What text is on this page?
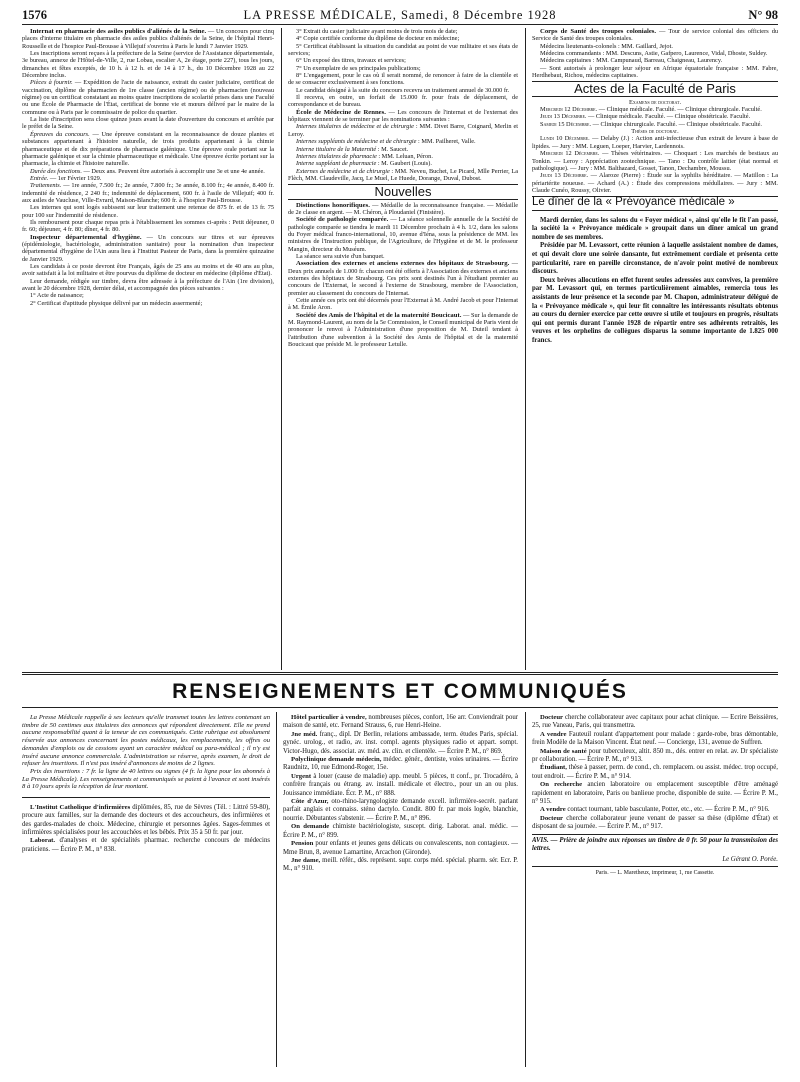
1576	LA PRESSE MÉDICALE, Samedi, 8 Décembre 1928	N° 98

Internat en pharmacie des asiles publics d'aliénés de la Seine. — Un concours pour cinq places d'interne titulaire en pharmacie des asiles publics d'aliénés de la Seine, de l'hôpital Henri-Rousselle et de l'hospice Paul-Brousse à Villejuif s'ouvrira à Paris le lundi 7 Janvier 1929.

Les inscriptions seront reçues à la préfecture de la Seine (service de l'Assistance départementale, 3e bureau, annexe de l'Hôtel-de-Ville, 2, rue Lobau, escalier A, 2e étage, porte 227), tous les jours, dimanches et fêtes exceptés, de 10 h. à 12 h. et de 14 à 17 h., du 10 Décembre 1928 au 22 Décembre inclus.

Pièces à fournir. — Expédition de l'acte de naissance, extrait du casier judiciaire, certificat de vaccination, diplôme de pharmacien de 1re classe (ancien régime) ou de pharmacien (nouveau régime) ou un certificat constatant au moins quatre inscriptions de scolarité prises dans une Faculté ou une École de Pharmacie de l'État, certificat de bonne vie et mœurs délivré par le maire de la commune ou à Paris par le commissaire de police du quartier.

La liste d'inscription sera close quinze jours avant la date d'ouverture du concours et arrêtée par le préfet de la Seine.

Épreuves du concours. — Une épreuve consistant en la reconnaissance de douze plantes et substances appartenant à l'histoire naturelle, de trois produits appartenant à la chimie pharmaceutique et de dix préparations de pharmacie galénique. Une épreuve orale portant sur la pharmacie galénique et sur la chimie pharmaceutique et médicale. Une épreuve écrite portant sur la pharmacie, la chimie et l'histoire naturelle.

Durée des fonctions. — Deux ans. Peuvent être autorisés à accomplir une 3e et une 4e année.

Entrée. — 1er Février 1929.

Traitements. — 1re année, 7.500 fr.; 2e année, 7.800 fr.; 3e année, 8.100 fr.; 4e année, 8.400 fr. indemnité de résidence, 2 240 fr.; indemnité de déplacement, 600 fr. à l'asile de Villejuif; 400 fr. aux asiles de Vaucluse, Ville-Evrard, Maison-Blanche; 600 fr. à l'hospice Paul-Brousse.

Les internes qui sont logés subissent sur leur traitement une retenue de 875 fr. et de 13 fr. 75 pour 100 sur l'indemnité de résidence.

Ils remboursent pour chaque repas pris à l'établissement les sommes ci-après : Petit déjeuner, 0 fr. 60; déjeuner, 4 fr. 80; dîner, 4 fr. 80.

Inspecteur départemental d'hygiène. — Un concours sur titres et sur épreuves (épidémiologie, bactériologie, administration sanitaire) pour la nomination d'un inspecteur départemental d'hygiène de l'Ain aura lieu à l'Institut Pasteur de Paris, dans la première quinzaine de Janvier 1929.

Les candidats à ce poste devront être Français, âgés de 25 ans au moins et de 40 ans au plus, avoir satisfait à la loi militaire et être pourvus du diplôme de docteur en médecine (diplôme d'État).

Leur demande, rédigée sur timbre, devra être adressée à la préfecture de l'Ain (1re division), avant le 20 décembre 1928, dernier délai, et accompagnée des pièces suivantes :

1° Acte de naissance;

2° Certificat d'aptitude physique délivré par un médecin assermenté;

3° Extrait du casier judiciaire ayant moins de trois mois de date;

4° Copie certifiée conforme du diplôme de docteur en médecine;

5° Certificat établissant la situation du candidat au point de vue militaire et ses états de services;

6° Un exposé des titres, travaux et services;

7° Un exemplaire de ses principales publications;

8° L'engagement, pour le cas où il serait nommé, de renoncer à faire de la clientèle et de se consacrer exclusivement à ses fonctions.

Le candidat désigné à la suite du concours recevra un traitement annuel de 30.000 fr.

Il recevra, en outre, un forfait de 15.000 fr. pour frais de déplacement, de correspondance et de bureau.

École de Médecine de Rennes. — Les concours de l'internat et de l'externat des hôpitaux viennent de se terminer par les nominations suivantes :

Internes titulaires de médecine et de chirurgie : MM. Divet Barre, Coignard, Merlin et Leroy.

Internes suppléants de médecine et de chirurgie : MM. Pailheret, Valle.

Interne titulaire de la Maternité : M. Saucet.

Internes titulaires de pharmacie : MM. Leluan, Péron.

Interne suppléant de pharmacie : M. Gaubert (Louis).

Externes de médecine et de chirurgie : MM. Neveu, Buchet, Le Picard, Mlle Perrier, La Flèch, MM. Claudeville, Jacq, Le Muel, Le Huede, Dorange, Duval, Dubost.

Nouvelles

Distinctions honorifiques. — Médaille de la reconnaissance française. — Médaille de 2e classe en argent. — M. Chéron, à Ploudaniel (Finistère).

Société de pathologie comparée. — La séance solennelle annuelle de la Société de pathologie comparée se tiendra le mardi 11 Décembre prochain à 4 h. 1/2, dans les salons du Foyer médical franco-international, 10, avenue d'Iéna, sous la présidence de MM. les ministres de l'Instruction publique, de l'Agriculture, de l'Hygiène et de M. le professeur Mangin, directeur du Muséum.

La séance sera suivie d'un banquet.

Association des externes et anciens externes des hôpitaux de Strasbourg. — Deux prix annuels de 1.000 fr. chacun ont été offerts à l'Association des externes et anciens externes des hôpitaux de Strasbourg. Ces prix sont destinés l'un à l'étudiant premier au concours de l'Externat, le second à l'externe de Strasbourg, membre de l'Association, premier au classement du concours de l'Internat.

Cette année ces prix ont été décernés pour l'Externat à M. André Jacob et pour l'Internat à M. Émile Aron.

Société des Amis de l'hôpital et de la maternité Boucicaut. — Sur la demande de M. Raymond-Laurent, au nom de la 5e Commission, le Conseil municipal de Paris vient de prononcer le renvoi à l'Administration d'une proposition de M. Duteil tendant à l'attribution d'une subvention à la Société des Amis de l'hôpital et de la maternité Boucicaut que préside M. le professeur Letulle.

Corps de Santé des troupes coloniales. — Tour de service colonial des officiers du Service de Santé des troupes coloniales.

Médecins lieutenants-colonels : MM. Gaillard, Jejot.

Médecins commandants : MM. Descuns, Astie, Gafpero, Laurence, Vidal, Dhoste, Suldey.

Médecins capitaines : MM. Campunaud, Barreau, Chaigneau, Laurency.

— Sont autorisés à prolonger leur séjour en Afrique équatoriale française : MM. Fabre, Herdhebaut, Richou, médecins capitaines.

Actes de la Faculté de Paris

Examens de doctorat.

Mercredi 12 Décembre. — Clinique médicale. Faculté. — Clinique chirurgicale. Faculté.

Jeudi 13 Décembre. — Clinique médicale. Faculté. — Clinique obstétricale. Faculté.

Samedi 15 Décembre. — Clinique chirurgicale. Faculté. — Clinique obstétricale. Faculté.

Thèses de doctorat.

Lundi 10 Décembre. — Delaby (J.) : Action anti-infectieuse d'un extrait de levure à base de lipides. — Jury : MM. Leguen, Loeper, Harvier, Lardennois.

Mercredi 12 Décembre. — Thèses vétérinaires. — Choquart : Les marchés de bestiaux au Tonkin. — Leroy : Appréciation zootechnique. — Tano : Du contrôle laitier (état normal et pathologique). — Jury : MM. Balthazard, Gosset, Tanon, Dechambre, Moussu.

Jeudi 13 Décembre. — Alaroze (Pierre) : Étude sur la syphilis héréditaire. — Matillon : La périartérite noueuse. — Achard (A.) : Étude des compressions médullaires. — Jury : MM. Claude Cunéo, Roussy, Olivier.

Le dîner de la « Prévoyance médicale »

Mardi dernier, dans les salons du « Foyer médical », ainsi qu'elle le fit l'an passé, la société la « Prévoyance médicale » groupait dans un dîner amical un grand nombre de ses membres.

Présidée par M. Levassort, cette réunion à laquelle assistaient nombre de dames, et qui devait clore une soirée dansante, fut extrêmement cordiale et présenta cette particularité, rare en pareille circonstance, de n'avoir point motivé de nombreux discours.

Deux brèves allocutions en effet furent seules adressées aux convives, la première par M. Levassort qui, en termes particulièrement aimables, remercia tous les assistants de leur présence et la seconde par M. Chapon, administrateur délégué de la « Prévoyance médicale », qui leur fit connaître les intéressants résultats obtenus au cours du dernier exercice par cette œuvre si utile et toujours en progrès, résultats qui ont permis durant l'année 1928 de répartir entre ses adhérents retraités, les veuves et les orphelins de collègues disparus la somme importante de 1.825 000 francs.

RENSEIGNEMENTS ET COMMUNIQUÉS

La Presse Médicale rappelle à ses lecteurs qu'elle transmet toutes les lettres contenant un timbre de 50 centimes aux titulaires des annonces qui répondent directement. Elle ne prend aucune responsabilité quant à la teneur de ces communiqués. Cette rubrique est absolument réservée aux annonces concernant les postes médicaux, les remplacements, les offres ou demandes d'emplois ou de cessions ayant un caractère médical ou para-médical ; il n'y est inséré aucune annonce commerciale. L'administration se réserve, après examen, le droit de refuser les insertions. Il n'est pas inséré d'annonces de moins de 2 lignes.

Prix des insertions : 7 fr. la ligne de 40 lettres ou signes (4 fr. la ligne pour les abonnés à La Presse Médicale). Les renseignements et communiqués se paient à l'avance et sont insérés 8 à 10 jours après la réception de leur montant.

L'Institut Catholique d'infirmières diplômées, 85, rue de Sèvres (Tél. : Littré 59-80), procure aux familles, sur la demande des docteurs et des accoucheurs, des infirmières et des gardes-malades de choix. Médecine, chirurgie et personnes âgées. Sages-femmes et infirmières spécialisées pour les accouchées et les bébés. Prix 35 à 50 fr. par jour.

Laborat. d'analyses et de spécialités pharmac. recherche concours de médecins praticiens. — Écrire P. M., n° 838.

Hôtel particulier à vendre, nombreuses pièces, confort, 16e arr. Conviendrait pour maison de santé, etc. Fernand Strauss, 6, rue Henri-Heine.

Jne méd. franç., dipl. Dr Berlin, relations ambassade, term. études Paris, spécial. gynéc. urolog., et radio, av. inst. compl. agents physiques radio et appart. sompt. Victor-Hugo, dés. associat. av. méd. av. clin. et clientèle. — Écrire P. M., n° 869.

Polyclinique demande médecin, médec. génér., dentiste, voies urinaires. — Écrire Raudnitz, 10, rue Edmond-Roger, 15e.

Urgent à louer (cause de maladie) app. meubl. 5 pièces, tt conf., pr. Trocadéro, à confrère français ou étrang. av. install. médicale et électro., pour un an ou plus. Jouissance immédiate. Écr. P. M., n° 888.

Côte d'Azur, oto-rhino-laryngologiste demande excell. infirmière-secrét. parlant parfait anglais et connaiss. sténo dactylo. Condit. 800 fr. par mois logée, blanchie, nourrie. Débutantes s'abstenir. — Écrire P. M., n° 896.

On demande chimiste bactériologiste, suscept. dirig. Laborat. anal. médic. — Écrire P. M., n° 899.

Pension pour enfants et jeunes gens délicats ou convalescents, non contagieux. — Mme Brun, 8, avenue Lamartine, Arcachon (Gironde).

Jne dame, meill. référ., dés. représent. supr. corps méd. spécial. pharm. sér. Ecr. P. M., n° 910.

Docteur cherche collaborateur avec capitaux pour achat clinique. — Écrire Beissières, 25, rue Vaneau, Paris, qui transmettra.

A vendre Fauteuil roulant d'appartement pour malade : garde-robe, bras démontable, frein Modèle de la Maison Vincent. État neuf. — Concierge, 131, avenue de Suffren.

Maison de santé pour tuberculeux, altit. 850 m., dés. entrer en relat. av. Dr spécialiste pr collaboration. — Écrire P. M., n° 913.

Étudiant, thèse à passer, perm. de cond., ch. remplacem. ou assist. médec. trop occupé, tout endroit. — Écrire P. M., n° 914.

On recherche ancien laboratoire ou emplacement susceptible d'être aménagé rapidement en laboratoire, Paris ou banlieue proche, disponible de suite. — Écrire P. M., n° 915.

A vendre contact tournant, table basculante, Potter, etc., etc. — Écrire P. M., n° 916.

Docteur cherche collaborateur jeune venant de passer sa thèse (diplôme d'État) et disposant de sa journée. — Écrire P. M., n° 917.

AVIS. — Prière de joindre aux réponses un timbre de 0 fr. 50 pour la transmission des lettres.

Le Gérant O. Porée.

Paris. — L. Maretheux, imprimeur, 1, rue Cassette.
